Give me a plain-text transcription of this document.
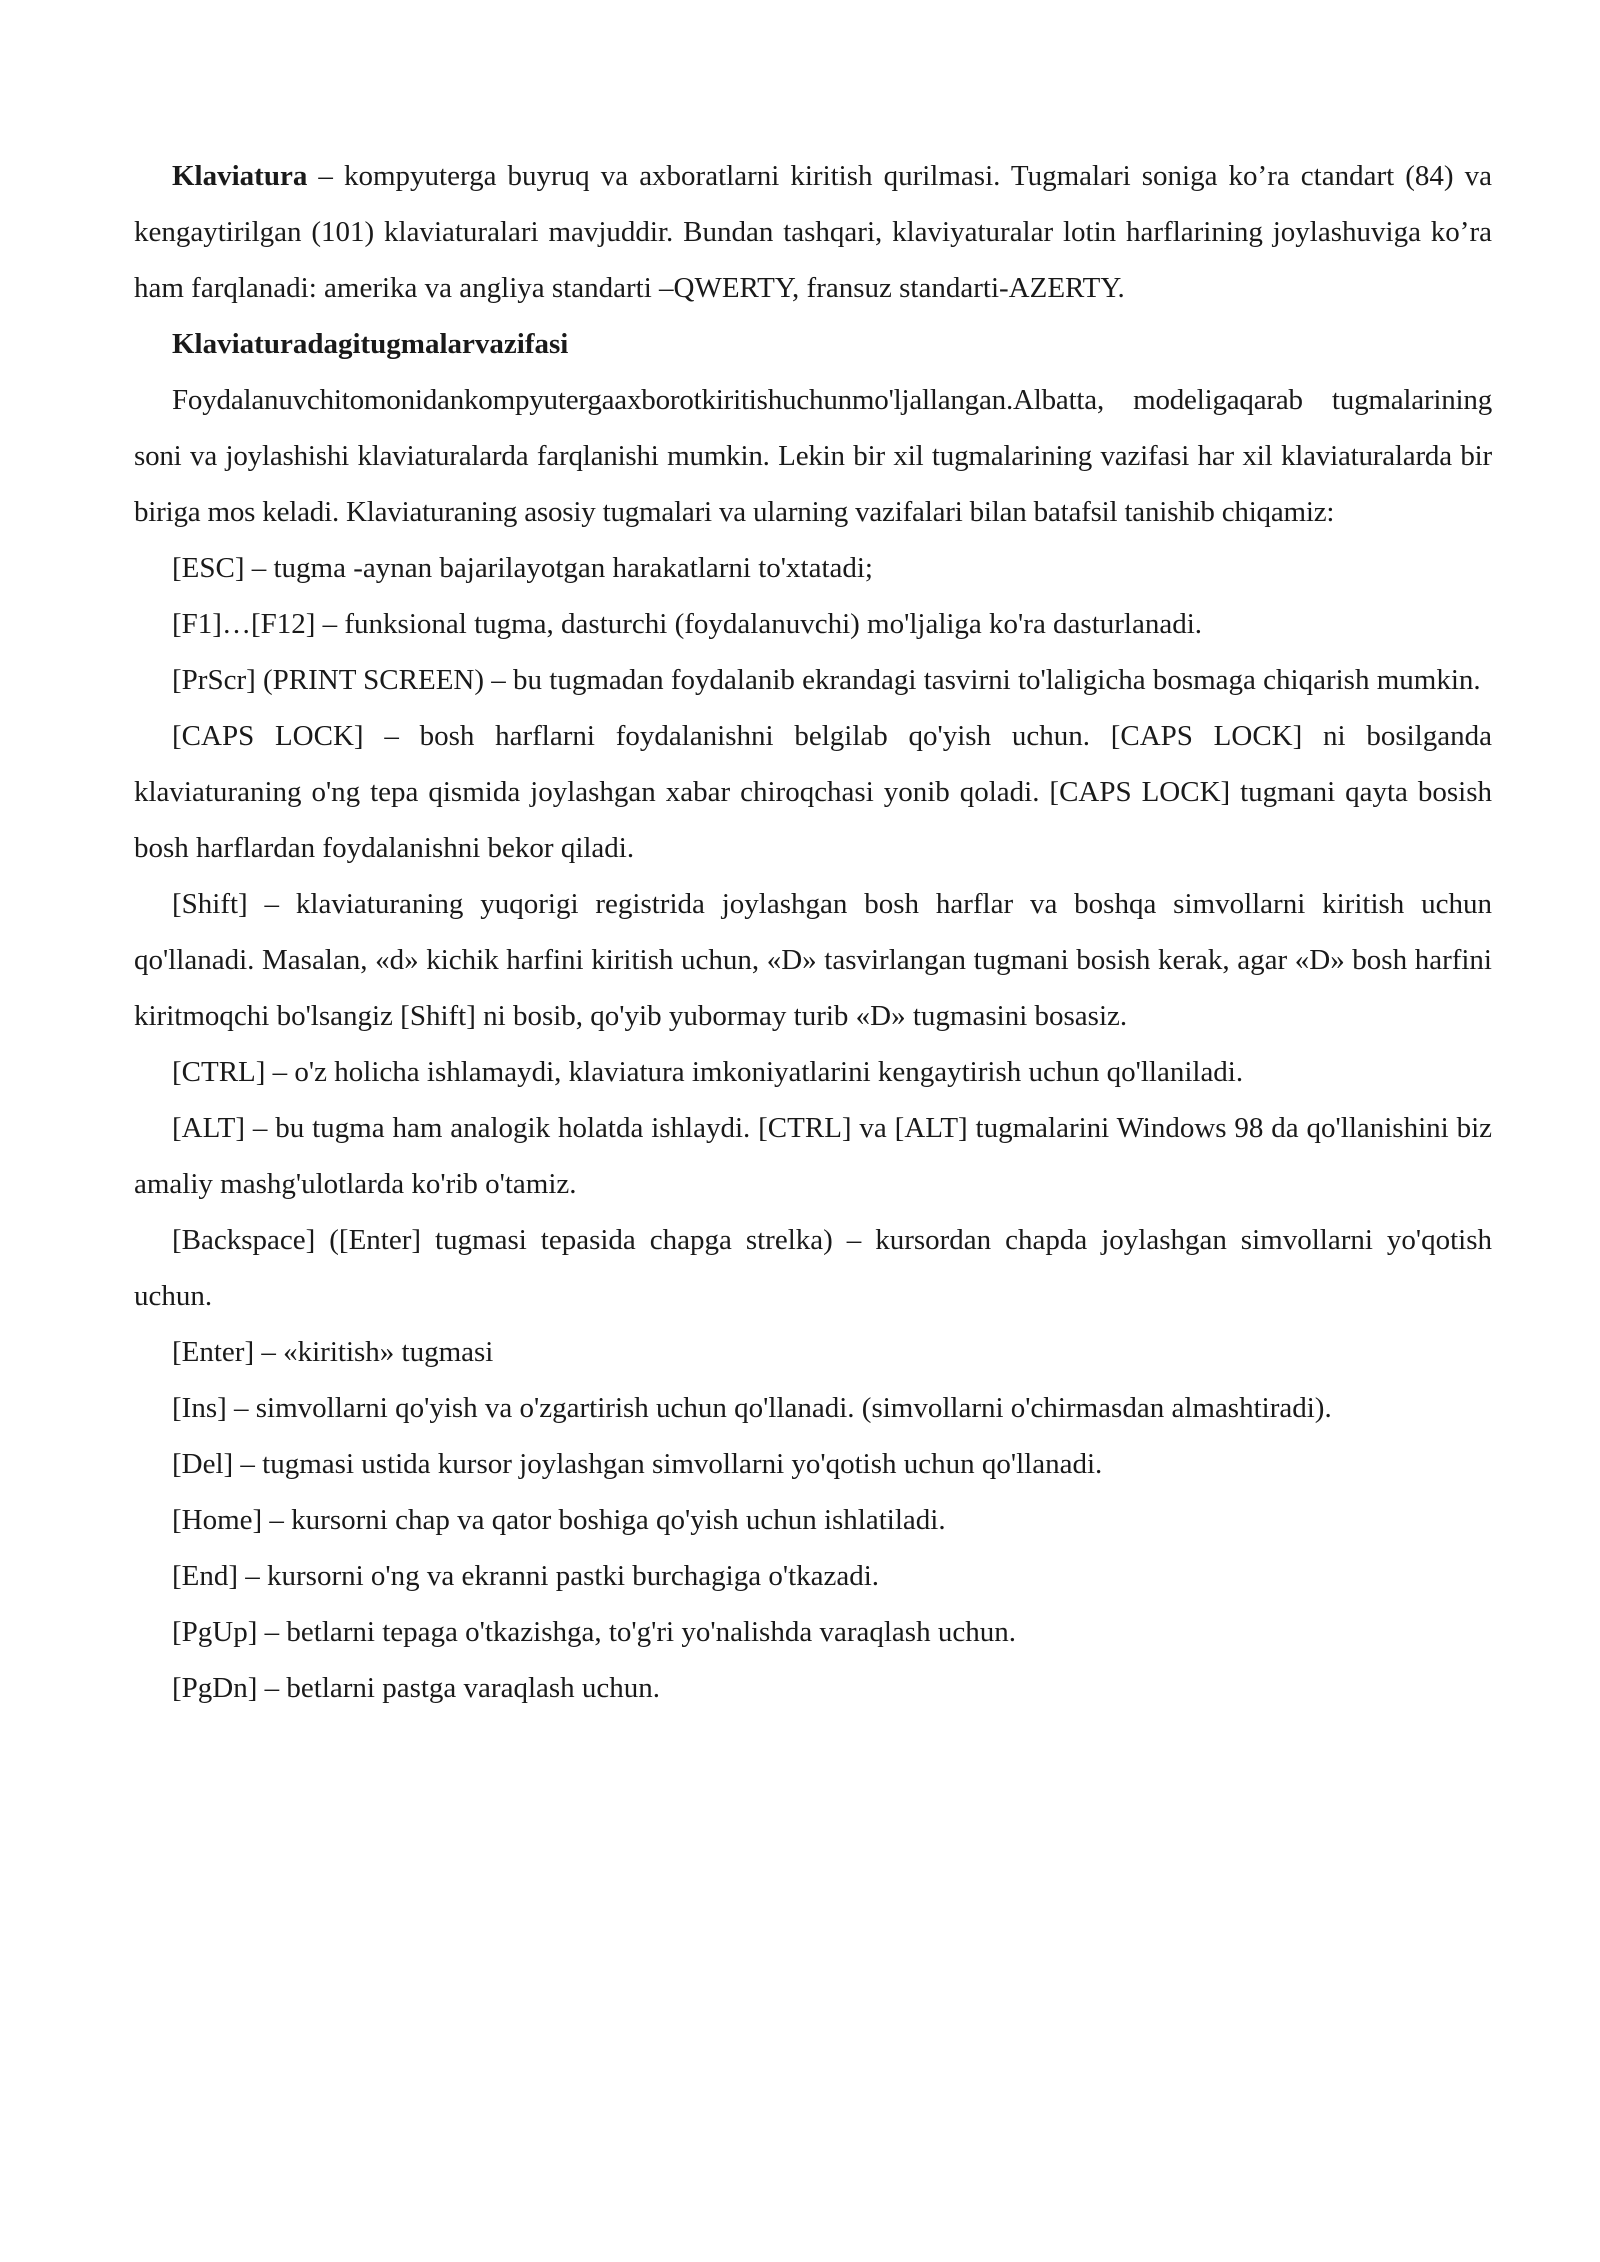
Klaviatura – kompyuterga buyruq va axboratlarni kiritish qurilmasi. Tugmalari soniga ko’ra ctandart (84) va kengaytirilgan (101) klaviaturalari mavjuddir. Bundan tashqari, klaviyaturalar lotin harflarining joylashuviga ko’ra ham farqlanadi: amerika va angliya standarti –QWERTY, fransuz standarti-AZERTY.

Klaviaturadagitugmalarvazifasi

Foydalanuvchitomonidankompyutergaaxborotkiritishuchunmo'ljallangan.Albatta, modeligaqarab tugmalarining soni va joylashishi klaviaturalarda farqlanishi mumkin. Lekin bir xil tugmalarining vazifasi har xil klaviaturalarda bir biriga mos keladi. Klaviaturaning asosiy tugmalari va ularning vazifalari bilan batafsil tanishib chiqamiz:

[ESC] – tugma -aynan bajarilayotgan harakatlarni to'xtatadi;

[F1]…[F12] – funksional tugma, dasturchi (foydalanuvchi) mo'ljaliga ko'ra dasturlanadi.

[PrScr] (PRINT SCREEN) – bu tugmadan foydalanib ekrandagi tasvirni to'laligicha bosmaga chiqarish mumkin.

[CAPS LOCK] – bosh harflarni foydalanishni belgilab qo'yish uchun. [CAPS LOCK] ni bosilganda klaviaturaning o'ng tepa qismida joylashgan xabar chiroqchasi yonib qoladi. [CAPS LOCK] tugmani qayta bosish bosh harflardan foydalanishni bekor qiladi.

[Shift] – klaviaturaning yuqorigi registrida joylashgan bosh harflar va boshqa simvollarni kiritish uchun qo'llanadi. Masalan, «d» kichik harfini kiritish uchun, «D» tasvirlangan tugmani bosish kerak, agar «D» bosh harfini kiritmoqchi bo'lsangiz [Shift] ni bosib, qo'yib yubormay turib «D» tugmasini bosasiz.

[CTRL] – o'z holicha ishlamaydi, klaviatura imkoniyatlarini kengaytirish uchun qo'llaniladi.

[ALT] – bu tugma ham analogik holatda ishlaydi. [CTRL] va [ALT] tugmalarini Windows 98 da qo'llanishini biz amaliy mashg'ulotlarda ko'rib o'tamiz.

[Backspace] ([Enter] tugmasi tepasida chapga strelka) – kursordan chapda joylashgan simvollarni yo'qotish uchun.

[Enter] – «kiritish» tugmasi

[Ins] – simvollarni qo'yish va o'zgartirish uchun qo'llanadi. (simvollarni o'chirmasdan almashtiradi).

[Del] – tugmasi ustida kursor joylashgan simvollarni yo'qotish uchun qo'llanadi.

[Home] – kursorni chap va qator boshiga qo'yish uchun ishlatiladi.

[End] – kursorni o'ng va ekranni pastki burchagiga o'tkazadi.

[PgUp] – betlarni tepaga o'tkazishga, to'g'ri yo'nalishda varaqlash uchun.

[PgDn] – betlarni pastga varaqlash uchun.
